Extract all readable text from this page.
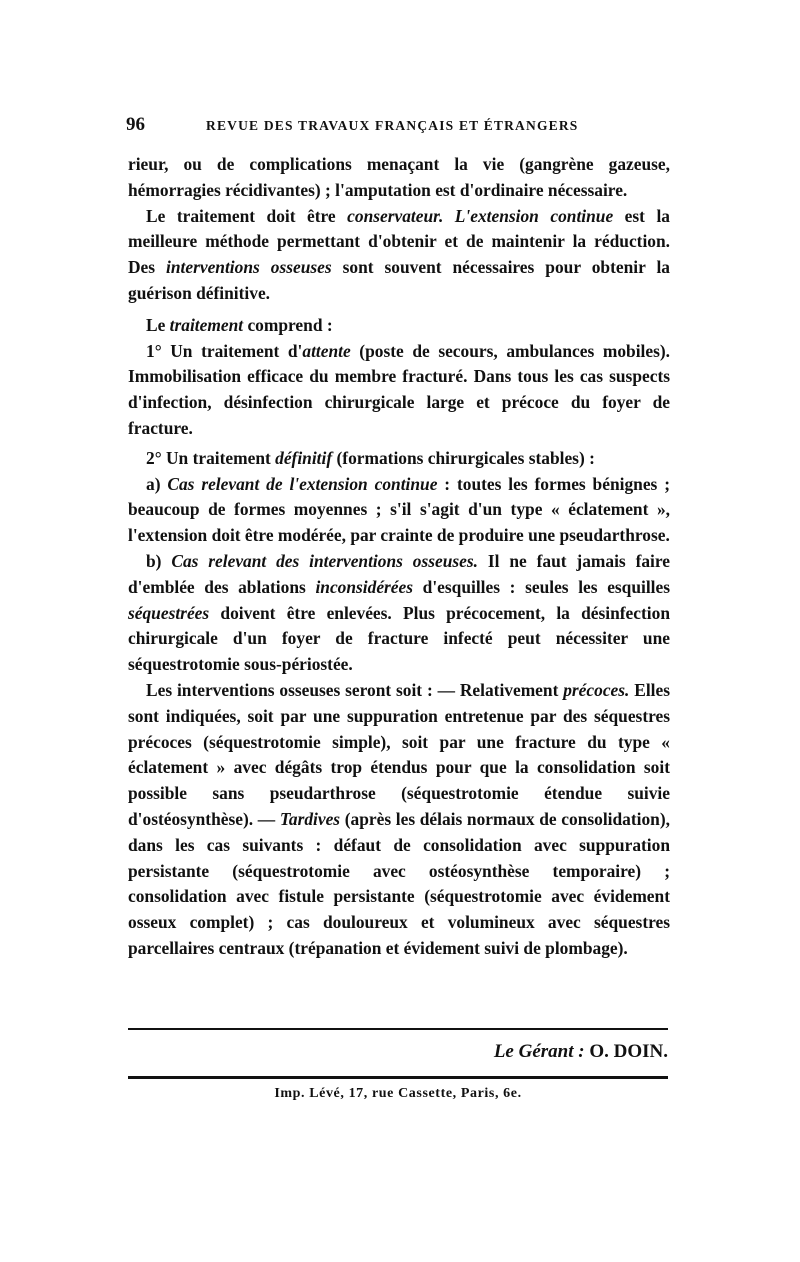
96	REVUE DES TRAVAUX FRANÇAIS ET ÉTRANGERS

rieur, ou de complications menaçant la vie (gangrène gazeuse, hémorragies récidivantes) ; l'amputation est d'ordinaire nécessaire.

Le traitement doit être conservateur. L'extension continue est la meilleure méthode permettant d'obtenir et de maintenir la réduction. Des interventions osseuses sont souvent nécessaires pour obtenir la guérison définitive.

Le traitement comprend :

1° Un traitement d'attente (poste de secours, ambulances mobiles). Immobilisation efficace du membre fracturé. Dans tous les cas suspects d'infection, désinfection chirurgicale large et précoce du foyer de fracture.

2° Un traitement définitif (formations chirurgicales stables) :

a) Cas relevant de l'extension continue : toutes les formes bénignes ; beaucoup de formes moyennes ; s'il s'agit d'un type « éclatement », l'extension doit être modérée, par crainte de produire une pseudarthrose.

b) Cas relevant des interventions osseuses. Il ne faut jamais faire d'emblée des ablations inconsidérées d'esquilles : seules les esquilles séquestrées doivent être enlevées. Plus précocement, la désinfection chirurgicale d'un foyer de fracture infecté peut nécessiter une séquestrotomie sous-périostée.

Les interventions osseuses seront soit : — Relativement précoces. Elles sont indiquées, soit par une suppuration entretenue par des séquestres précoces (séquestrotomie simple), soit par une fracture du type « éclatement » avec dégâts trop étendus pour que la consolidation soit possible sans pseudarthrose (séquestrotomie étendue suivie d'ostéosynthèse). — Tardives (après les délais normaux de consolidation), dans les cas suivants : défaut de consolidation avec suppuration persistante (séquestrotomie avec ostéosynthèse temporaire) ; consolidation avec fistule persistante (séquestrotomie avec évidement osseux complet) ; cas douloureux et volumineux avec séquestres parcellaires centraux (trépanation et évidement suivi de plombage).

Le Gérant : O. DOIN.
Imp. Lévé, 17, rue Cassette, Paris, 6e.
